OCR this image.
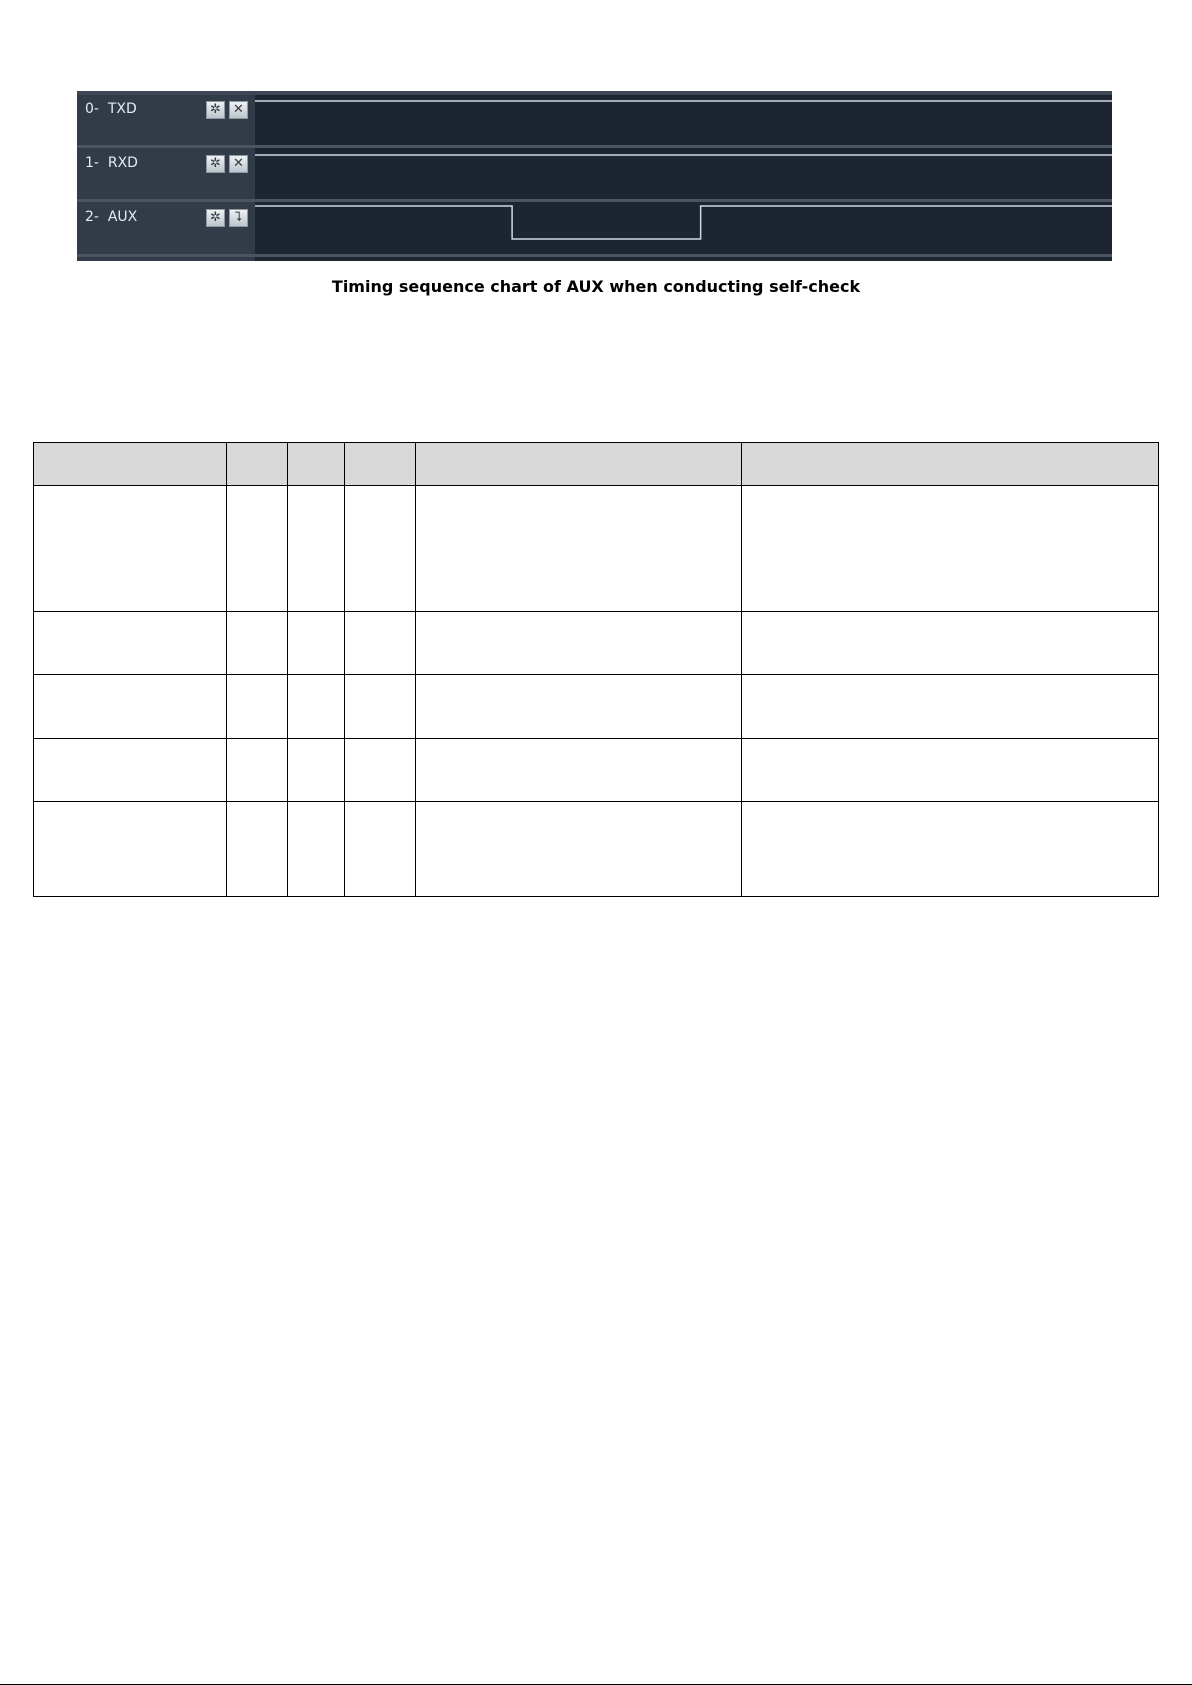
0-  TXD	✲ ✕
1-  RXD	✲ ✕
2-  AUX	✲	⮧
Timing sequence chart of AUX when conducting self-check
